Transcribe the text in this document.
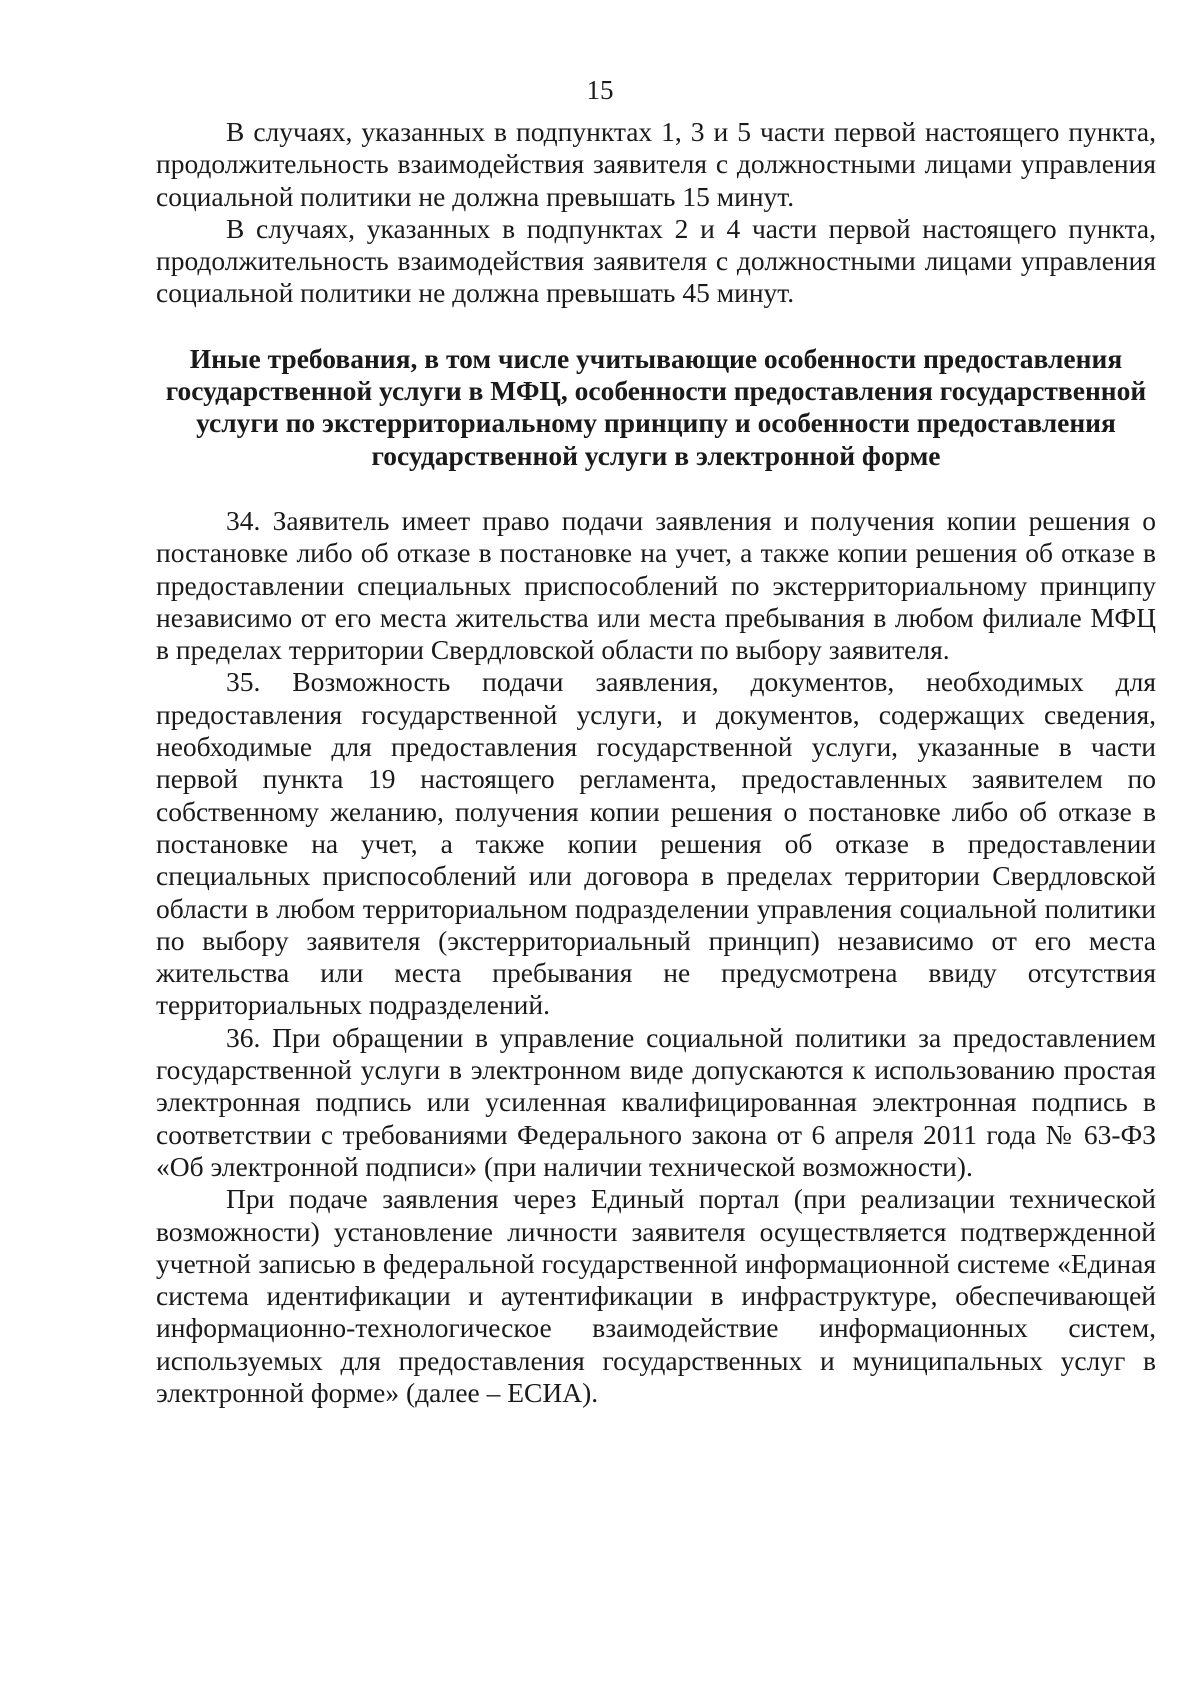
15

В случаях, указанных в подпунктах 1, 3 и 5 части первой настоящего пункта, продолжительность взаимодействия заявителя с должностными лицами управления социальной политики не должна превышать 15 минут.

В случаях, указанных в подпунктах 2 и 4 части первой настоящего пункта, продолжительность взаимодействия заявителя с должностными лицами управления социальной политики не должна превышать 45 минут.

Иные требования, в том числе учитывающие особенности предоставления государственной услуги в МФЦ, особенности предоставления государственной услуги по экстерриториальному принципу и особенности предоставления государственной услуги в электронной форме

34. Заявитель имеет право подачи заявления и получения копии решения о постановке либо об отказе в постановке на учет, а также копии решения об отказе в предоставлении специальных приспособлений по экстерриториальному принципу независимо от его места жительства или места пребывания в любом филиале МФЦ в пределах территории Свердловской области по выбору заявителя.

35. Возможность подачи заявления, документов, необходимых для предоставления государственной услуги, и документов, содержащих сведения, необходимые для предоставления государственной услуги, указанные в части первой пункта 19 настоящего регламента, предоставленных заявителем по собственному желанию, получения копии решения о постановке либо об отказе в постановке на учет, а также копии решения об отказе в предоставлении специальных приспособлений или договора в пределах территории Свердловской области в любом территориальном подразделении управления социальной политики по выбору заявителя (экстерриториальный принцип) независимо от его места жительства или места пребывания не предусмотрена ввиду отсутствия территориальных подразделений.

36. При обращении в управление социальной политики за предоставлением государственной услуги в электронном виде допускаются к использованию простая электронная подпись или усиленная квалифицированная электронная подпись в соответствии с требованиями Федерального закона от 6 апреля 2011 года № 63-ФЗ «Об электронной подписи» (при наличии технической возможности).

При подаче заявления через Единый портал (при реализации технической возможности) установление личности заявителя осуществляется подтвержденной учетной записью в федеральной государственной информационной системе «Единая система идентификации и аутентификации в инфраструктуре, обеспечивающей информационно-технологическое взаимодействие информационных систем, используемых для предоставления государственных и муниципальных услуг в электронной форме» (далее – ЕСИА).
